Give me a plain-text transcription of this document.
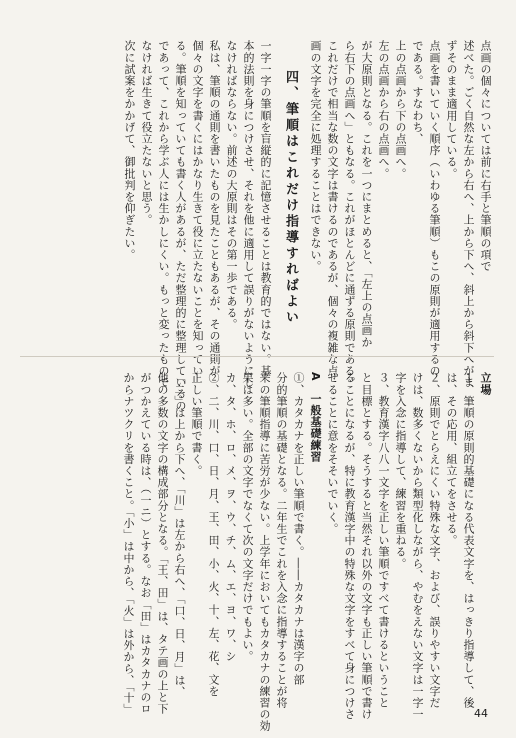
点画の個々については前に右手と筆順の項で

述べた。ごく自然な左から右へ、上から下へ、斜上から斜下へがま

ずそのまま適用している。

点画を書いていく順序（いわゆる筆順）もこの原則が適用するの

である。すなわち、

上の点画から下の点画へ。

左の点画から右の点画へ。

が大原則となる。これを一つにまとめると、「左上の点画か

ら右下の点画へ」ともなる。これがほとんどに通ずる原則である。

これだけで相当な数の文字は書けるのであるが、個々の複雑な点

画の文字を完全に処理することはできない。

四、筆順はこれだけ指導すればよい

一字一字の筆順を盲縦的に記憶させることは教育的ではない。基

本的法則を身につけさせ、それを他に適用して誤りがないようにし

なければならない。前述の大原則はその第一歩である。

私は、筆順の通則を書いたものを見たこともあるが、その通則が

個々の文字を書くにはかなり生きて役に立たないことを知ってい

る。筆順を知っていても書く人があるが、ただ整理的に整理しているの

であって、これから学ぶ人には生かしにくい。もっと変ったもので

なければ生きて役立たないと思う。

次に試案をかかげて、御批判を仰ぎたい。

立場

１、筆順の原則的基礎になる代表文字を、はっきり指導して、後

は、その応用、組立てをさせる。

２、原則でとらえにくい特殊な文字、および、誤りやすい文字だ

けは、数多くないから類型化しながら、やむをえない文字は一字一

字を入念に指導して、練習を重ねる。

３、教育漢字八八一文字を正しい筆順ですべて書けるということ

と目標とする。そうすると当然それ以外の文字も正しい筆順で書け

ることになるが、特に教育漢字中の特殊な文字をすべて身につけさ

せることに意をそそいでいく。

A　一般基礎練習

①、カタカナを正しい筆順で書く。――カタカナは漢字の部

分的筆順の基礎となる。二年生でこれを入念に指導することが将

来の筆順指導に苦労が少ない。上学年においてもカタカナの練習の効

果は多い。全部の文字でなくて次の文字だけでもよい。

カ、タ、ホ、ロ、メ、ヲ、ウ、チ、ム、エ、ヨ、ワ、シ

②、二、川、口、日、月、王、田、小、火、十、左、花、文を

正しい筆順で書く。

「二」は上から下へ、「川」は左から右へ、「口、日、月」は、

他の多数の文字の構成部分となる。「王、田」は、タテ画の上と下

がつかえている時は、（一ニ）とする。なお「田」はカタカナのロ

からナツクリを書くこと。「小」は中から、「火」は外から、「十」	44
